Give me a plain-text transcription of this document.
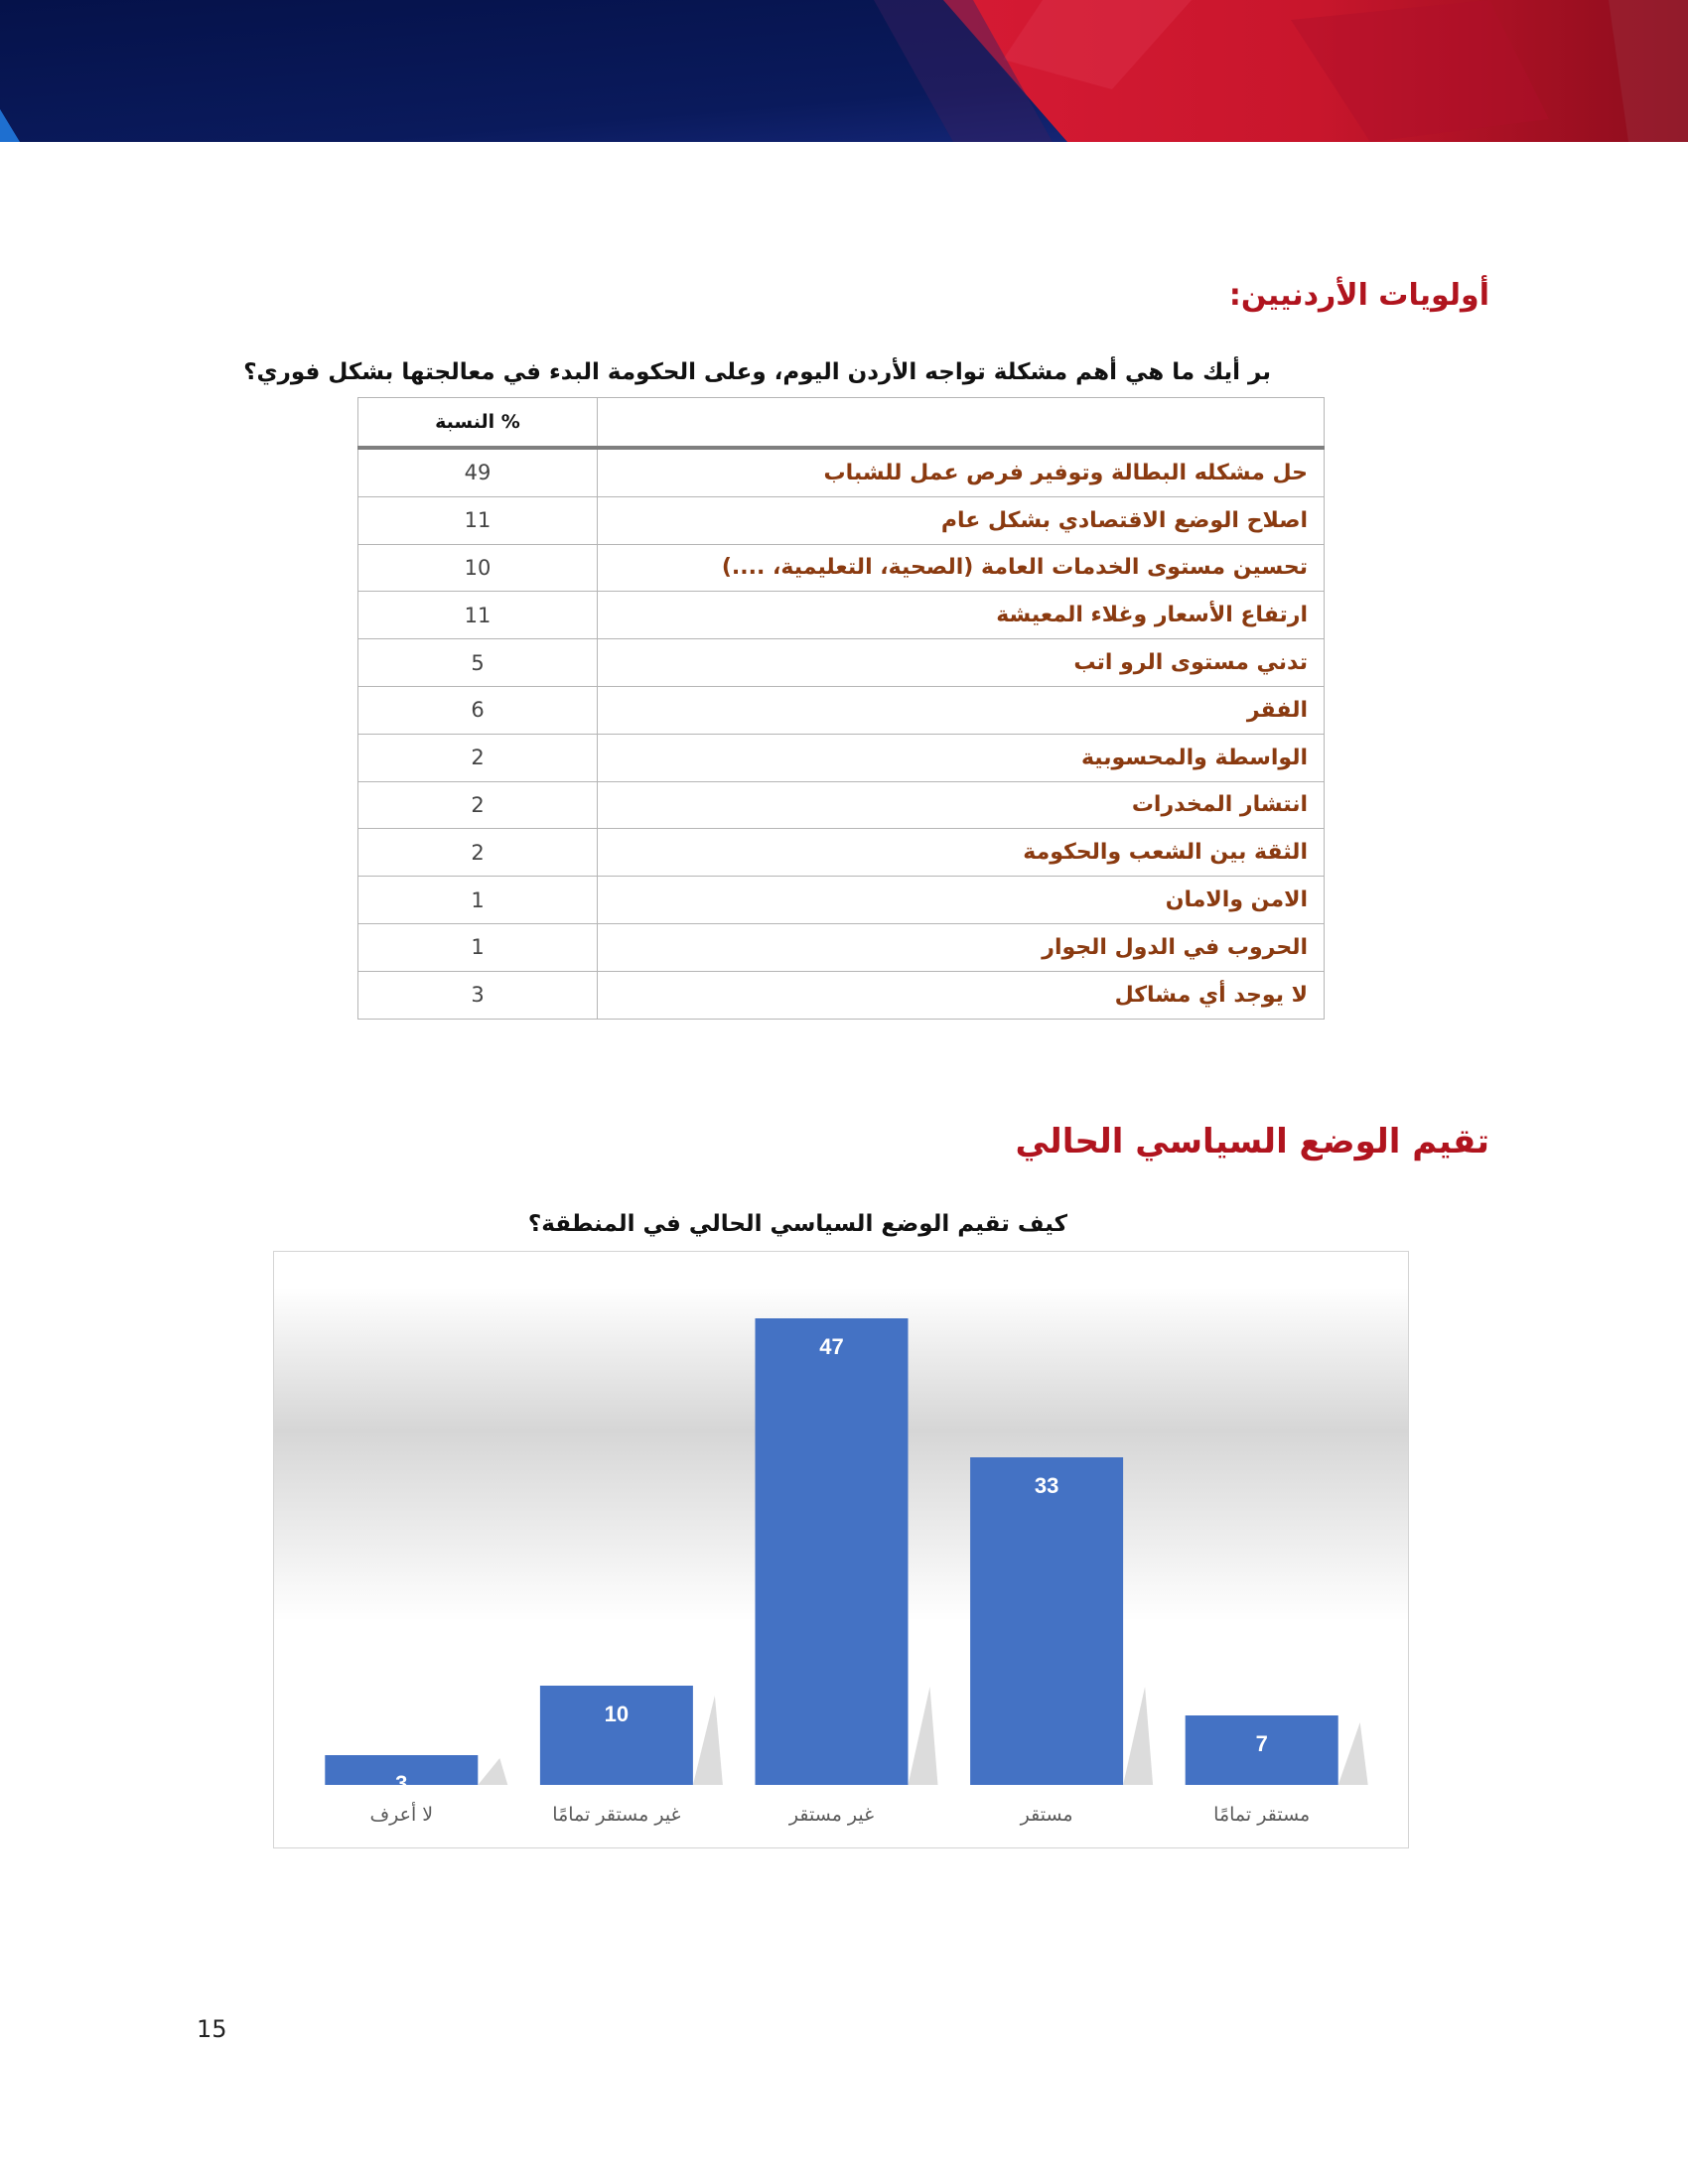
أولويات الأردنيين:
بر أيك ما هي أهم مشكلة تواجه الأردن اليوم، وعلى الحكومة البدء في معالجتها بشكل فوري؟
النسبة %	
49	حل مشكله البطالة وتوفير فرص عمل للشباب
11	اصلاح الوضع الاقتصادي بشكل عام
10	تحسين مستوى الخدمات العامة (الصحية، التعليمية، ....)
11	ارتفاع الأسعار وغلاء المعيشة
5	تدني مستوى الرو اتب
6	الفقر
2	الواسطة والمحسوبية
2	انتشار المخدرات
2	الثقة بين الشعب والحكومة
1	الامن والامان
1	الحروب في الدول الجوار
3	لا يوجد أي مشاكل
تقيم الوضع السياسي الحالي
كيف تقيم الوضع السياسي الحالي في المنطقة؟
3
لا أعرف
10
غير مستقر تمامًا
47
غير مستقر
33
مستقر
7
مستقر تمامًا
15
